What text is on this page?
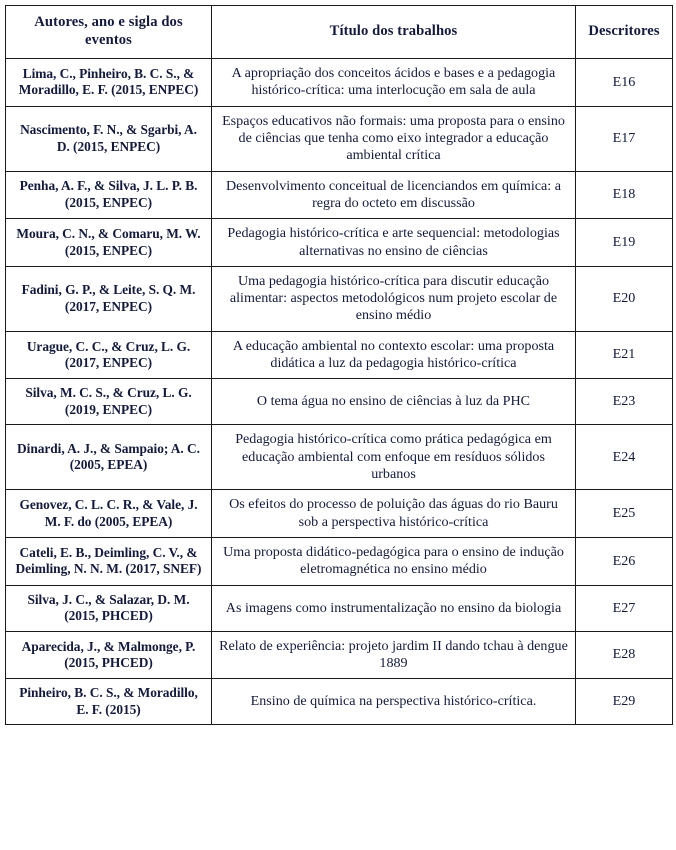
Autores, ano e sigla dos eventos	Título dos trabalhos	Descritores
Lima, C., Pinheiro, B. C. S., & Moradillo, E. F. (2015, ENPEC)	A apropriação dos conceitos ácidos e bases e a pedagogia histórico-crítica: uma interlocução em sala de aula	E16
Nascimento, F. N., & Sgarbi, A. D. (2015, ENPEC)	Espaços educativos não formais: uma proposta para o ensino de ciências que tenha como eixo integrador a educação ambiental crítica	E17
Penha, A. F., & Silva, J. L. P. B. (2015, ENPEC)	Desenvolvimento conceitual de licenciandos em química: a regra do octeto em discussão	E18
Moura, C. N., & Comaru, M. W. (2015, ENPEC)	Pedagogia histórico-crítica e arte sequencial: metodologias alternativas no ensino de ciências	E19
Fadini, G. P., & Leite, S. Q. M. (2017, ENPEC)	Uma pedagogia histórico-crítica para discutir educação alimentar: aspectos metodológicos num projeto escolar de ensino médio	E20
Urague, C. C., & Cruz, L. G. (2017, ENPEC)	A educação ambiental no contexto escolar: uma proposta didática a luz da pedagogia histórico-crítica	E21
Silva, M. C. S., & Cruz, L. G. (2019, ENPEC)	O tema água no ensino de ciências à luz da PHC	E23
Dinardi, A. J., & Sampaio; A. C. (2005, EPEA)	Pedagogia histórico-crítica como prática pedagógica em educação ambiental com enfoque em resíduos sólidos urbanos	E24
Genovez, C. L. C. R., & Vale, J. M. F. do (2005, EPEA)	Os efeitos do processo de poluição das águas do rio Bauru sob a perspectiva histórico-crítica	E25
Cateli, E. B., Deimling, C. V., & Deimling, N. N. M. (2017, SNEF)	Uma proposta didático-pedagógica para o ensino de indução eletromagnética no ensino médio	E26
Silva, J. C., & Salazar, D. M. (2015, PHCED)	As imagens como instrumentalização no ensino da biologia	E27
Aparecida, J., & Malmonge, P. (2015, PHCED)	Relato de experiência: projeto jardim II dando tchau à dengue 1889	E28
Pinheiro, B. C. S., & Moradillo, E. F. (2015)	Ensino de química na perspectiva histórico-crítica.	E29
